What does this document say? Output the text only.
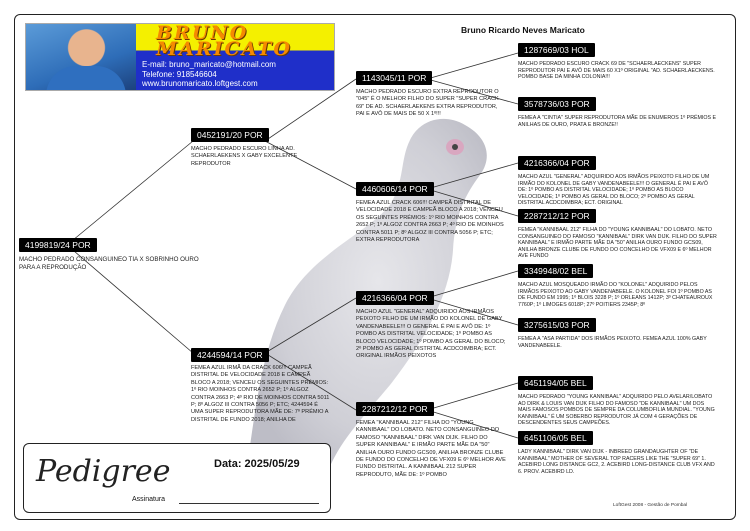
BRUNO
MARICATO
E-mail: bruno_maricato@hotmail.com
Telefone: 918546604
www.brunomaricato.loftgest.com
Bruno Ricardo Neves Maricato
4199819/24 POR
MACHO PEDRADO CONSANGUINEO TIA X SOBRINHO OURO PARA A REPRODUÇÃO
0452191/20 POR
MACHO PEDRADO ESCURO LINHA AD. SCHAERLAEKENS X GABY EXCELENTE REPRODUTOR
4244594/14 POR
FEMEA AZUL IRMÃ DA CRACK 606!!! CAMPEÃ DISTRITAL DE VELOCIDADE 2018 E CAMPEÃ BLOCO A 2018; VENCEU OS SEGUINTES PRÉMIOS: 1º RIO MOINHOS CONTRA 2652 P; 1º ALGOZ CONTRA 2663 P; 4º RIO DE MOINHOS CONTRA 5011 P; 8º ALGOZ III CONTRA 5056 P; ETC; 4244594 É UMA SUPER REPRODUTORA MÃE DE: 7º PRÉMIO A DISTRITAL DE FUNDO 2018; ANILHA DE
1143045/11 POR
MACHO PEDRADO ESCURO EXTRA REPRODUTOR O "045" É O MELHOR FILHO DO SUPER "SUPER CRACK 69" DE AD. SCHAERLAEKENS EXTRA REPRODUTOR, PAI E AVÔ DE MAIS DE 50 X 1º!!!
4460606/14 POR
FEMEA AZUL CRACK 606!!! CAMPEÃ DISTRITAL DE VELOCIDADE 2018 E CAMPEÃ BLOCO A 2018; VENCEU OS SEGUINTES PRÉMIOS: 1º RIO MOINHOS CONTRA 2652 P; 1º ALGOZ CONTRA 2663 P; 4º RIO DE MOINHOS CONTRA 5011 P; 8º ALGOZ III CONTRA 5056 P; ETC; EXTRA REPRODUTORA
4216366/04 POR
MACHO AZUL "GENERAL" ADQUIRIDO AOS IRMÃOS PEIXOTO FILHO DE UM IRMÃO DO KOLONEL DE GABY VANDENABEELE!!! O GENERAL É PAI E AVÔ DE: 1º POMBO AS DISTRITAL VELOCIDADE; 1º POMBO AS BLOCO VELOCIDADE; 1º POMBO AS GERAL DO BLOCO; 2º POMBO AS GERAL DISTRITAL ACDCOIMBRA; ECT. ORIGINAL IRMÃOS PEIXOTOS
2287212/12 POR
FEMEA "KANNIBAAL 212" FILHA DO "YOUNG KANNIBAAL" DO LOBATO. NETO CONSANGUINEO DO FAMOSO "KANNIBAAL" DIRK VAN DIJK. FILHO DO SUPER KANNIBAAL" E IRMÃO PARTE MÃE DA "50" ANILHA OURO FUNDO GCS09, ANILHA BRONZE CLUBE DE FUNDO DO CONCELHO DE VFX09 E 6º MELHOR AVE FUNDO DISTRITAL. A KANNIBAAL 212 SUPER REPRODUTO, MÃE DE: 1º POMBO
1287669/03 HOL
MACHO PEDRADO ESCURO CRACK 69 DE "SCHAERLAECKENS" SUPER REPRODUTOR PAI E AVÔ DE MAIS 60 X1º ORIGINAL "AD. SCHAERLAECKENS. POMBO BASE DA MINHA COLONIA!!!
3578736/03 POR
FEMEA A "CINTIA" SUPER REPRODUTORA MÃE DE ENUMEROS 1º PRÉMIOS E ANILHAS DE OURO, PRATA E BRONZE!!
4216366/04 POR
MACHO AZUL "GENERAL" ADQUIRIDO AOS IRMÃOS PEIXOTO FILHO DE UM IRMÃO DO KOLONEL DE GABY VANDENABEELE!!! O GENERAL É PAI E AVÔ DE: 1º POMBO AS DISTRITAL VELOCIDADE; 1º POMBO AS BLOCO VELOCIDADE; 1º POMBO AS GERAL DO BLOCO; 2º POMBO AS GERAL DISTRITAL ACDCOIMBRA; ECT. ORIGINAL
2287212/12 POR
FEMEA "KANNIBAAL 212" FILHA DO "YOUNG KANNIBAAL" DO LOBATO. NETO CONSANGUINEO DO FAMOSO "KANNIBAAL" DIRK VAN DIJK. FILHO DO SUPER KANNIBAAL" E IRMÃO PARTE MÃE DA "50" ANILHA OURO FUNDO GCS09, ANILHA BRONZE CLUBE DE FUNDO DO CONCELHO DE VFX09 E 6º MELHOR AVE FUNDO
3349948/02 BEL
MACHO AZUL MOSQUEADO IRMÃO DO "KOLONEL" ADQUIRIDO PELOS IRMÃOS PEIXOTO AO GABY VANDENABEELE. O KOLONEL FOI 1º POMBO AS DE FUNDO EM 1995; 1º BLOIS 3228 P; 1º ORLEANS 1412P; 3º CHATEAUROUX 7760P; 1º LIMOGES 6018P; 27º POITIERS 2345P; 8º
3275615/03 POR
FEMEA A "ASA PARTIDA" DOS IRMÃOS PEIXOTO. FEMEA AZUL 100% GABY VANDENABEELE.
6451194/05 BEL
MACHO PEDRADO "YOUNG KANNIBAAL" ADQUIRIDO PELO AVELAR/LOBATO AO DIRK & LOUIS VAN DIJK FILHO DO FAMOSO "DE KANNIBAAL" UM DOS MAIS FAMOSOS POMBOS DE SEMPRE DA COLUMBOFILIA MUNDIAL. "YOUNG KANNIBAAL" É UM SOBERBO REPRODUTOR JÁ COM 4 GERAÇÕES DE DESCENDENTES SEUS CAMPEÕES.
6451106/05 BEL
LADY KANNIBAAL" DIRK VAN DIJK - INBREED GRANDAUGHTER OF "DE KANNIBAAL" MOTHER OF SEVERAL TOP RACERS LIKE THE "SUPER 69" 1. ACEBIRD LONG DISTANCE GC2, 2. ACEBIRD LONG-DISTANCE CLUB VFX AND 6. PROV. ACEBIRD LD.
Pedigree	Data: 2025/05/29
Assinatura
LoftGest 2008 - Gestão de Pombal
